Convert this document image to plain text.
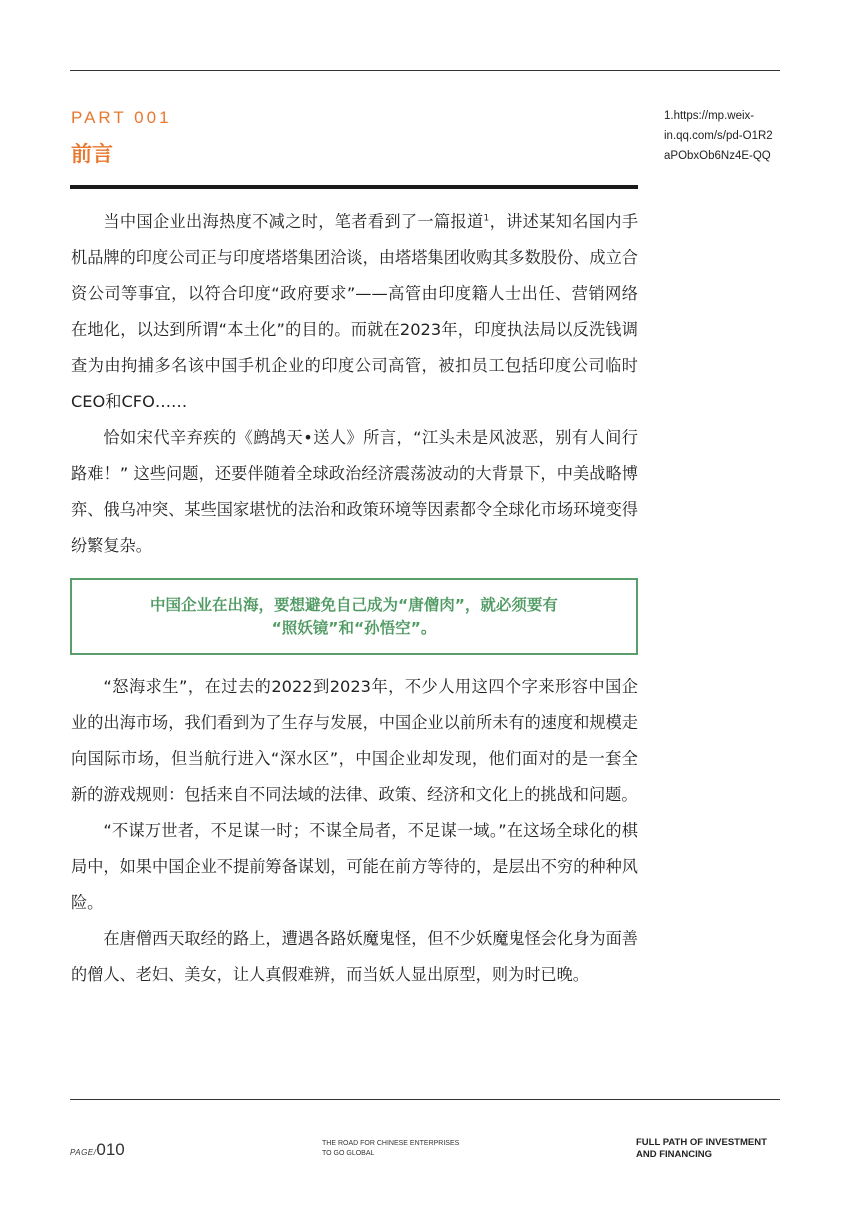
PART 001
前言
1.https://mp.weix-
in.qq.com/s/pd-O1R2
aPObxOb6Nz4E-QQ

当中国企业出海热度不减之时，笔者看到了一篇报道$^1$，讲述某知名国内手机品牌的印度公司正与印度塔塔集团洽谈，由塔塔集团收购其多数股份、成立合资公司等事宜，以符合印度“政府要求”——高管由印度籍人士出任、营销网络在地化，以达到所谓“本土化”的目的。而就在2023年，印度执法局以反洗钱调查为由拘捕多名该中国手机企业的印度公司高管，被扣员工包括印度公司临时CEO和CFO……

恰如宋代辛弃疾的《鹧鸪天•送人》所言，“江头未是风波恶，别有人间行路难！” 这些问题，还要伴随着全球政治经济震荡波动的大背景下，中美战略博弈、俄乌冲突、某些国家堪忧的法治和政策环境等因素都令全球化市场环境变得纷繁复杂。

中国企业在出海，要想避免自己成为“唐僧肉”，就必须要有
“照妖镜”和“孙悟空”。

“怒海求生”，在过去的2022到2023年，不少人用这四个字来形容中国企业的出海市场，我们看到为了生存与发展，中国企业以前所未有的速度和规模走向国际市场，但当航行进入“深水区”，中国企业却发现，他们面对的是一套全新的游戏规则：包括来自不同法域的法律、政策、经济和文化上的挑战和问题。

“不谋万世者，不足谋一时；不谋全局者，不足谋一域。”在这场全球化的棋局中，如果中国企业不提前筹备谋划，可能在前方等待的，是层出不穷的种种风险。

在唐僧西天取经的路上，遭遇各路妖魔鬼怪，但不少妖魔鬼怪会化身为面善的僧人、老妇、美女，让人真假难辨，而当妖人显出原型，则为时已晚。

PAGE/010	THE ROAD FOR CHINESE ENTERPRISES
TO GO GLOBAL
FULL PATH OF INVESTMENT
AND FINANCING
